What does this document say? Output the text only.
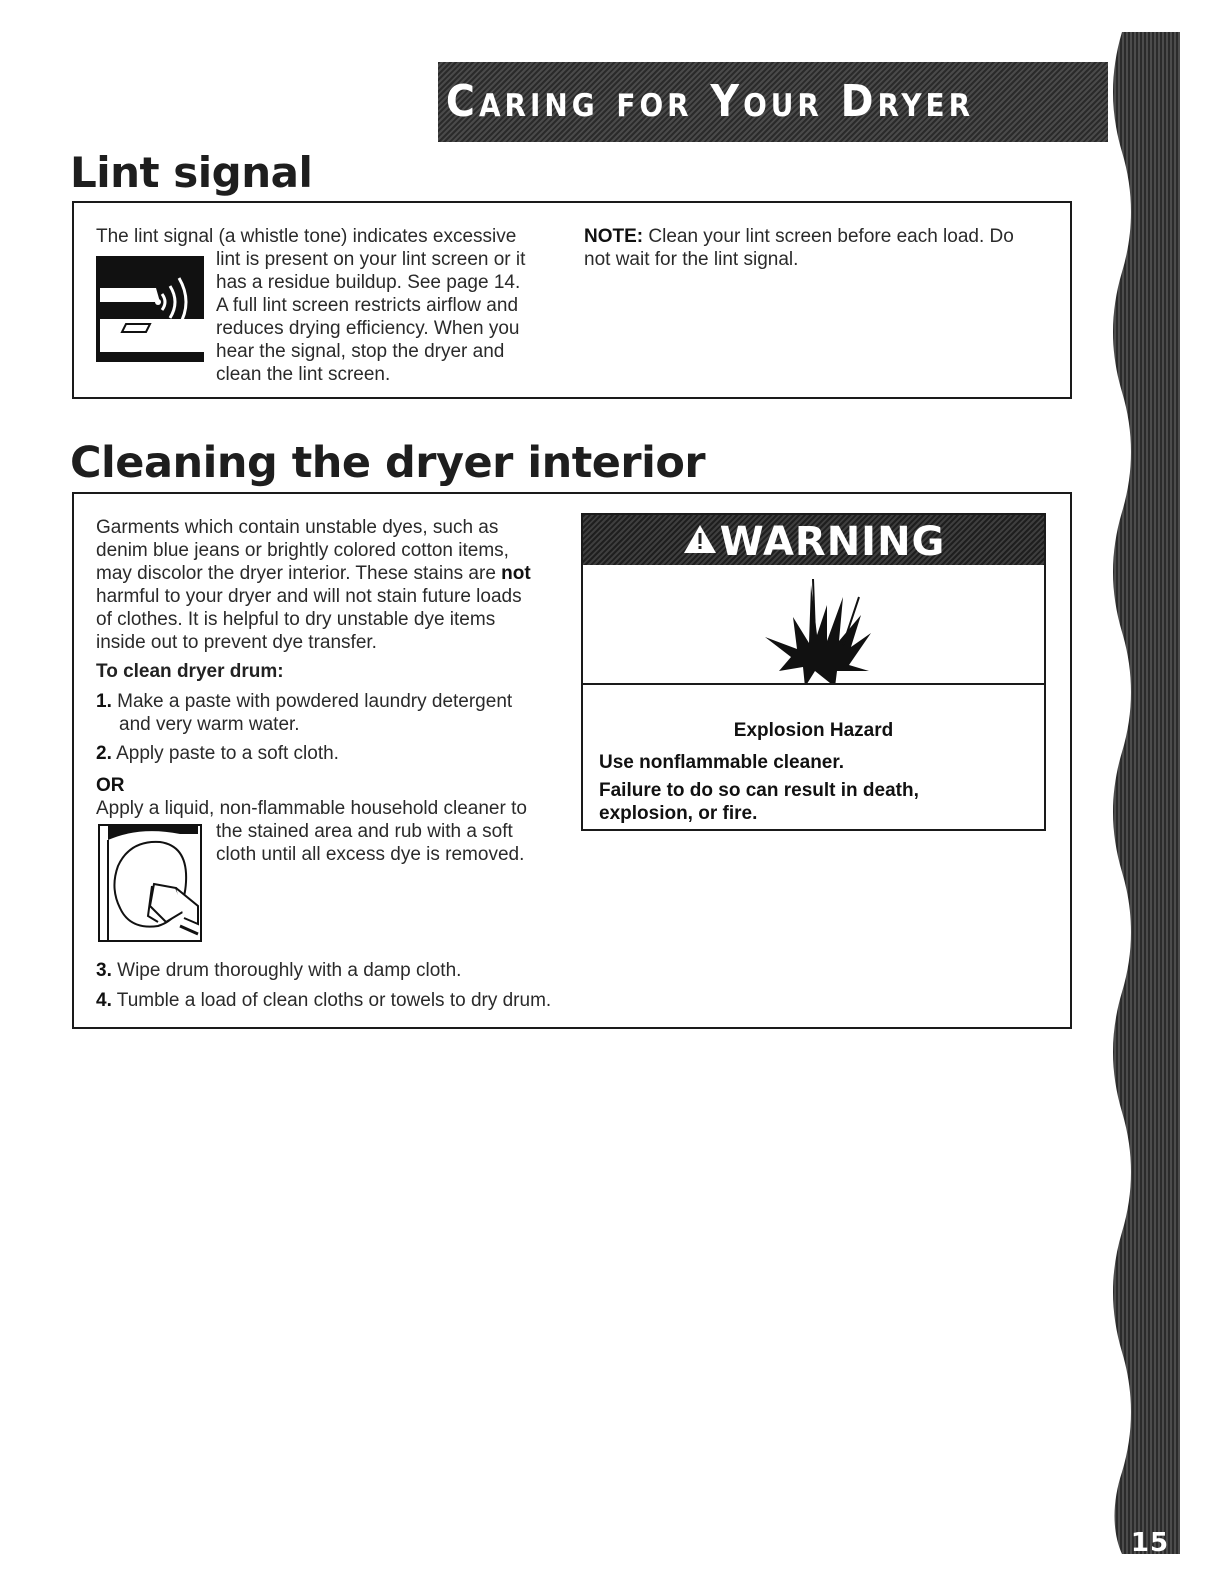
Caring for Your Dryer
15
Lint signal
The lint signal (a whistle tone) indicates excessive
lint is present on your lint screen or it
has a residue buildup. See page 14.
A full lint screen restricts airflow and
reduces drying efficiency. When you
hear the signal, stop the dryer and
clean the lint screen.
NOTE: Clean your lint screen before each load. Do
not wait for the lint signal.
Cleaning the dryer interior
Garments which contain unstable dyes, such as
denim blue jeans or brightly colored cotton items,
may discolor the dryer interior. These stains are not
harmful to your dryer and will not stain future loads
of clothes. It is helpful to dry unstable dye items
inside out to prevent dye transfer.
To clean dryer drum:
1. Make a paste with powdered laundry detergent
and very warm water.
2. Apply paste to a soft cloth.
OR
Apply a liquid, non-flammable household cleaner to
the stained area and rub with a soft
cloth until all excess dye is removed.
3. Wipe drum thoroughly with a damp cloth.
4. Tumble a load of clean cloths or towels to dry drum.
WARNING
Explosion Hazard
Use nonflammable cleaner.
Failure to do so can result in death,
explosion, or fire.
